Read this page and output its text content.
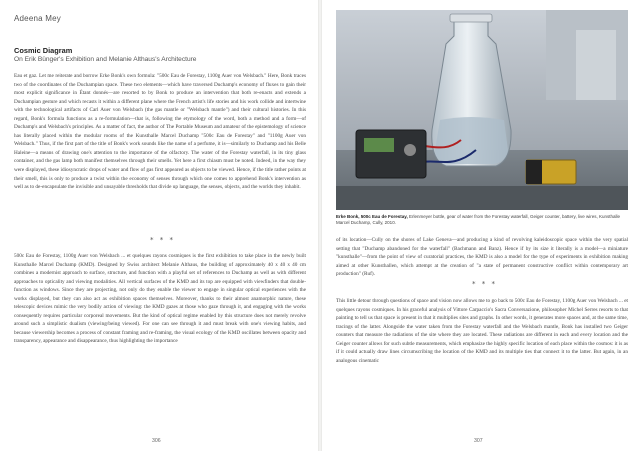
Adeena Mey
Cosmic Diagram
On Erik Bünger's Exhibition and Melanie Althaus's Architecture
Eau et gaz. Let me reiterate and borrow Erke Bonk's own formula: "500c Eau de Forestay, 1100g Auer von Welsbach." Here, Bonk traces two of the coordinates of the Duchampian space. These two elements—which have traversed Duchamp's economy of fluxes to gain their most explicit significance in Étant donnés—are resorted to by Bonk to produce an intervention that both re-enacts and extends a Duchampian gesture and which recasts it within a different plane where the French artist's life stories and his work collide and intertwine with the technological artifacts of Carl Auer von Welsbach (the gas mantle or "Welsbach mantle") and their cultural histories. In this regard, Bonk's formula functions as a re-formulation—that is, following the etymology of the word, both a method and a form—of Duchamp's and Welsbach's principles. As a matter of fact, the author of The Portable Museum and amateur of the epistemology of science has literally placed within the modular rooms of the Kunsthalle Marcel Duchamp "500c Eau de Forestay" and "1100g Auer von Welsbach." Thus, if the first part of the title of Bonk's work sounds like the name of a perfume, it is—similarly to Duchamp and his Belle Haleine—a means of drawing one's attention to the importance of the olfactory. The water of the Forestay waterfall, in its tiny glass container, and the gas lamp both manifest themselves through their smells. Yet here a first chiasm must be noted. Indeed, in the way they were displayed, these idiosyncratic drops of water and flow of gas first appeared as objects to be viewed. Hence, if the title rather points at their smell, this is only to produce a twist within the economy of senses through which one comes to apprehend Bonk's intervention as well as to de-encapsulate the invisible and unsayable thresholds that divide up language, the senses, objects, and the worlds they inhabit.
* * *
500c Eau de Forestay, 1100g Auer von Welsbach ... et quelques rayons cosmiques is the first exhibition to take place in the newly built Kunsthalle Marcel Duchamp (KMD). Designed by Swiss architect Melanie Althaus, the building of approximately 40 x 40 x 40 cm combines a modernist approach to surface, structure, and function with a playful set of references to Duchamp as well as with different approaches to opticality and viewing modalities. All vertical surfaces of the KMD and its top are equipped with viewfinders that double-function as windows. Since they are projecting, not only do they enable the viewer to engage in singular optical experiences with the works displayed, but they can also act as exhibition spaces themselves. Moreover, thanks to their almost anamorphic nature, these telescopic devices mimic the very bodily action of viewing: the KMD gazes at those who gaze through it, and engaging with the works consequently requires particular corporeal movements. But the kind of optical regime enabled by this structure does not merely revolve around such a simplistic dualism (viewing/being viewed). For one can see through it and must break with one's viewing habits, and because viewership becomes a process of constant framing and re-framing, the visual ecology of the KMD oscillates between opacity and transparency, appearance and disappearance, thus highlighting the importance
306
Erke Bonk, 500c Eau de Forestay, Erlenmeyer bottle, gear of water from the Forestay waterfall, Geiger counter, battery, live wires, Kunsthalle Marcel Duchamp, Cully, 2010.
of its location—Cully on the shores of Lake Geneva—and producing a kind of revolving kaleidoscopic space within the very spatial setting that "Duchamp abandoned for the waterfall" (Bachmann and Banz). Hence if by its size it literally is a model—a miniature "kunsthalle"—from the point of view of curatorial practices, the KMD is also a model for the type of experiments in exhibition making aimed at other Kunsthallen, which attempt at the creation of "a state of permanent constructive conflict within contemporary art production" (Ruf).
* * *
This little detour through questions of space and vision now allows me to go back to 500c Eau de Forestay, 1100g Auer von Welsbach ... et quelques rayons cosmiques. In his graceful analysis of Vittore Carpaccio's Sacra Conversazione, philosopher Michel Serres resorts to that painting to tell us that space is present in that it multiplies sites and graphs. In other words, it generates more spaces and, at the same time, tracings of the latter. Alongside the water taken from the Forestay waterfall and the Welsbach mantle, Bonk has installed two Geiger counters that measure the radiations of the site where they are located. These radiations are different in each and every location and the Geiger counter allows for such subtle measurements, which emphasize the highly specific location of each place within the cosmos: it is as if it could actually draw lines circumscribing the location of the KMD and its multiple ties that connect it to the latter. But again, in an analogous cinematic
307
